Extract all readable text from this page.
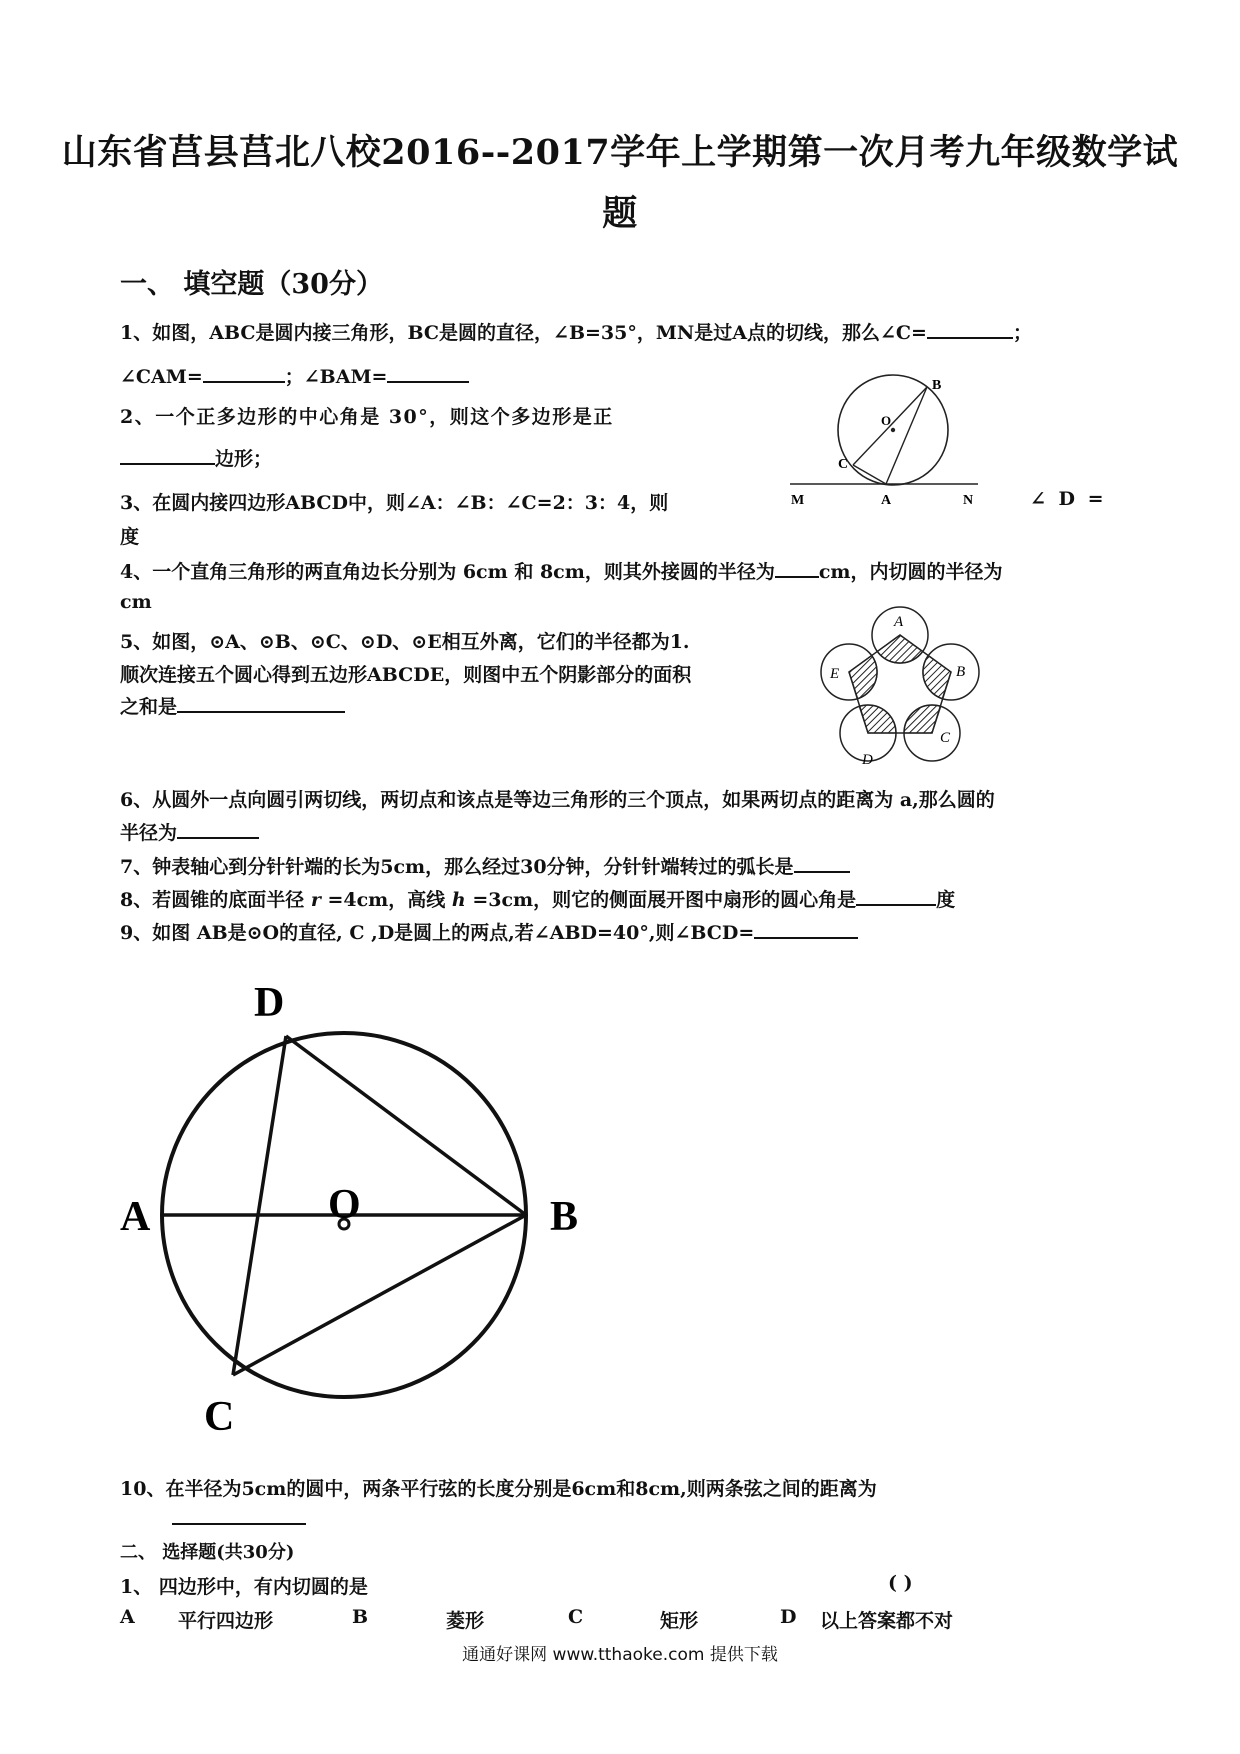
山东省莒县莒北八校2016--2017学年上学期第一次月考九年级数学试
题
一、 填空题（30分）
1、如图，ABC是圆内接三角形，BC是圆的直径，∠B=35°，MN是过A点的切线，那么∠C=	；
∠CAM=	；∠BAM=
2、一个正多边形的中心角是 30°，则这个多边形是正
边形；
3、在圆内接四边形ABCD中，则∠A：∠B：∠C=2：3：4，则	∠ D =
度
4、一个直角三角形的两直角边长分别为 6cm 和 8cm，则其外接圆的半径为 cm，内切圆的半径为
cm
5、如图，⊙A、⊙B、⊙C、⊙D、⊙E相互外离，它们的半径都为1.
顺次连接五个圆心得到五边形ABCDE，则图中五个阴影部分的面积
之和是
6、从圆外一点向圆引两切线，两切点和该点是等边三角形的三个顶点，如果两切点的距离为 a,那么圆的
半径为
7、钟表轴心到分针针端的长为5cm，那么经过30分钟，分针针端转过的弧长是
8、若圆锥的底面半径 r =4cm，高线 h =3cm，则它的侧面展开图中扇形的圆心角是	度
9、如图 AB是⊙O的直径, C ,D是圆上的两点,若∠ABD=40°,则∠BCD=
10、在半径为5cm的圆中，两条平行弦的长度分别是6cm和8cm,则两条弦之间的距离为
二、 选择题(共30分)
1、 四边形中，有内切圆的是	( )
A 平行四边形	B	菱形	C	矩形	D 以上答案都不对
通通好课网 www.tthaoke.com 提供下载
B
O
C
M	A	N
A
B
C
D
E
D
A	O	B
C
